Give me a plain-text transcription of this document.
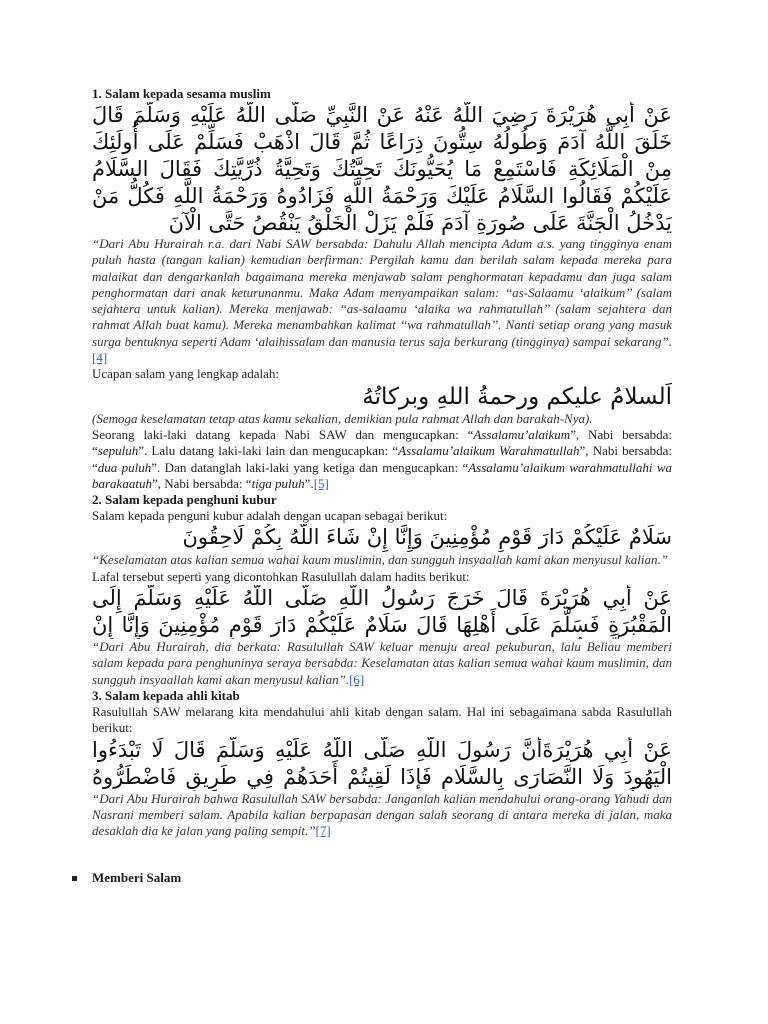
1. Salam kepada sesama muslim

عَنْ أَبِي هُرَيْرَةَ رَضِيَ اللَّهُ عَنْهُ عَنْ النَّبِيِّ صَلَّى اللَّهُ عَلَيْهِ وَسَلَّمَ قَالَ خَلَقَ اللَّهُ آدَمَ وَطُولُهُ سِتُّونَ ذِرَاعًا ثُمَّ قَالَ اذْهَبْ فَسَلِّمْ عَلَى أُولَئِكَ مِنْ الْمَلَائِكَةِ فَاسْتَمِعْ مَا يُحَيُّونَكَ تَحِيَّتُكَ وَتَحِيَّةُ ذُرِّيَّتِكَ فَقَالَ السَّلَامُ عَلَيْكُمْ فَقَالُوا السَّلَامُ عَلَيْكَ وَرَحْمَةُ اللَّهِ فَزَادُوهُ وَرَحْمَةُ اللَّهِ فَكُلُّ مَنْ يَدْخُلُ الْجَنَّةَ عَلَى صُورَةِ آدَمَ فَلَمْ يَزَلْ الْخَلْقُ يَنْقُصُ حَتَّى الْآنَ

“Dari Abu Hurairah r.a. dari Nabi SAW bersabda: Dahulu Allah mencipta Adam a.s. yang tingginya enam puluh hasta (tangan kalian) kemudian berfirman: Pergilah kamu dan berilah salam kepada mereka para malaikat dan dengarkanlah bagaimana mereka menjawab salam penghormatan kepadamu dan juga salam penghormatan dari anak keturunanmu. Maka Adam menyampaikan salam: ‘‘as-Salaamu ‘alaikum’’ (salam sejahtera untuk kalian). Mereka menjawab: ‘‘as-salaamu ‘alaika wa rahmatullah’’ (salam sejahtera dan rahmat Allah buat kamu). Mereka menambahkan kalimat ‘‘wa rahmatullah’’. Nanti setiap orang yang masuk surga bentuknya seperti Adam ‘alaihissalam dan manusia terus saja berkurang (tingginya) sampai sekarang”.[4]

Ucapan salam yang lengkap adalah:

اَلسلامُ عليكم ورحمةُ اللهِ وبركاتُهُ

(Semoga keselamatan tetap atas kamu sekalian, demikian pula rahmat Allah dan barakah-Nya).

Seorang laki-laki datang kepada Nabi SAW dan mengucapkan: “Assalamu’alaikum”, Nabi bersabda: “sepuluh”. Lalu datang laki-laki lain dan mengucapkan: “Assalamu’alaikum Warahmatullah”, Nabi bersabda: “dua puluh”. Dan datanglah laki-laki yang ketiga dan mengucapkan: “Assalamu’alaikum warahmatullahi wa barakaatuh”, Nabi bersabda: “tiga puluh”.[5]

2. Salam kepada penghuni kubur

Salam kepada penguni kubur adalah dengan ucapan sebagai berikut:

سَلَامٌ عَلَيْكُمْ دَارَ قَوْمٍ مُؤْمِنِينَ وَإِنَّا إِنْ شَاءَ اللَّهُ بِكُمْ لَاحِقُونَ

“Keselamatan atas kalian semua wahai kaum muslimin, dan sungguh insyaallah kami akan menyusul kalian.”

Lafal tersebut seperti yang dicontohkan Rasulullah dalam hadits berikut:

عَنْ أَبِي هُرَيْرَةَ قَالَ خَرَجَ رَسُولُ اللَّهِ صَلَّى اللَّهُ عَلَيْهِ وَسَلَّمَ إِلَى الْمَقْبُرَةِ فَسَلَّمَ عَلَى أَهْلِهَا قَالَ سَلَامٌ عَلَيْكُمْ دَارَ قَوْمٍ مُؤْمِنِينَ وَإِنَّا إِنْ

“Dari Abu Hurairah, dia berkata: Rasulullah SAW keluar menuju areal pekuburan, lalu Beliau memberi salam kepada para penghuninya seraya bersabda: Keselamatan atas kalian semua wahai kaum muslimin, dan sungguh insyaallah kami akan menyusul kalian”.[6]

3. Salam kepada ahli kitab

Rasulullah SAW melarang kita mendahului ahli kitab dengan salam. Hal ini sebagaimana sabda Rasulullah berikut:

عَنْ أَبِي هُرَيْرَةَأَنَّ رَسُولَ اللَّهِ صَلَّى اللَّهُ عَلَيْهِ وَسَلَّمَ قَالَ لَا تَبْدَءُوا الْيَهُودَ وَلَا النَّصَارَى بِالسَّلَامِ فَإِذَا لَقِيتُمْ أَحَدَهُمْ فِي طَرِيقٍ فَاضْطَرُّوهُ

“Dari Abu Hurairah bahwa Rasulullah SAW bersabda: Janganlah kalian mendahului orang-orang Yahudi dan Nasrani memberi salam. Apabila kalian berpapasan dengan salah seorang di antara mereka di jalan, maka desaklah dia ke jalan yang paling sempit.”[7]

Memberi Salam
